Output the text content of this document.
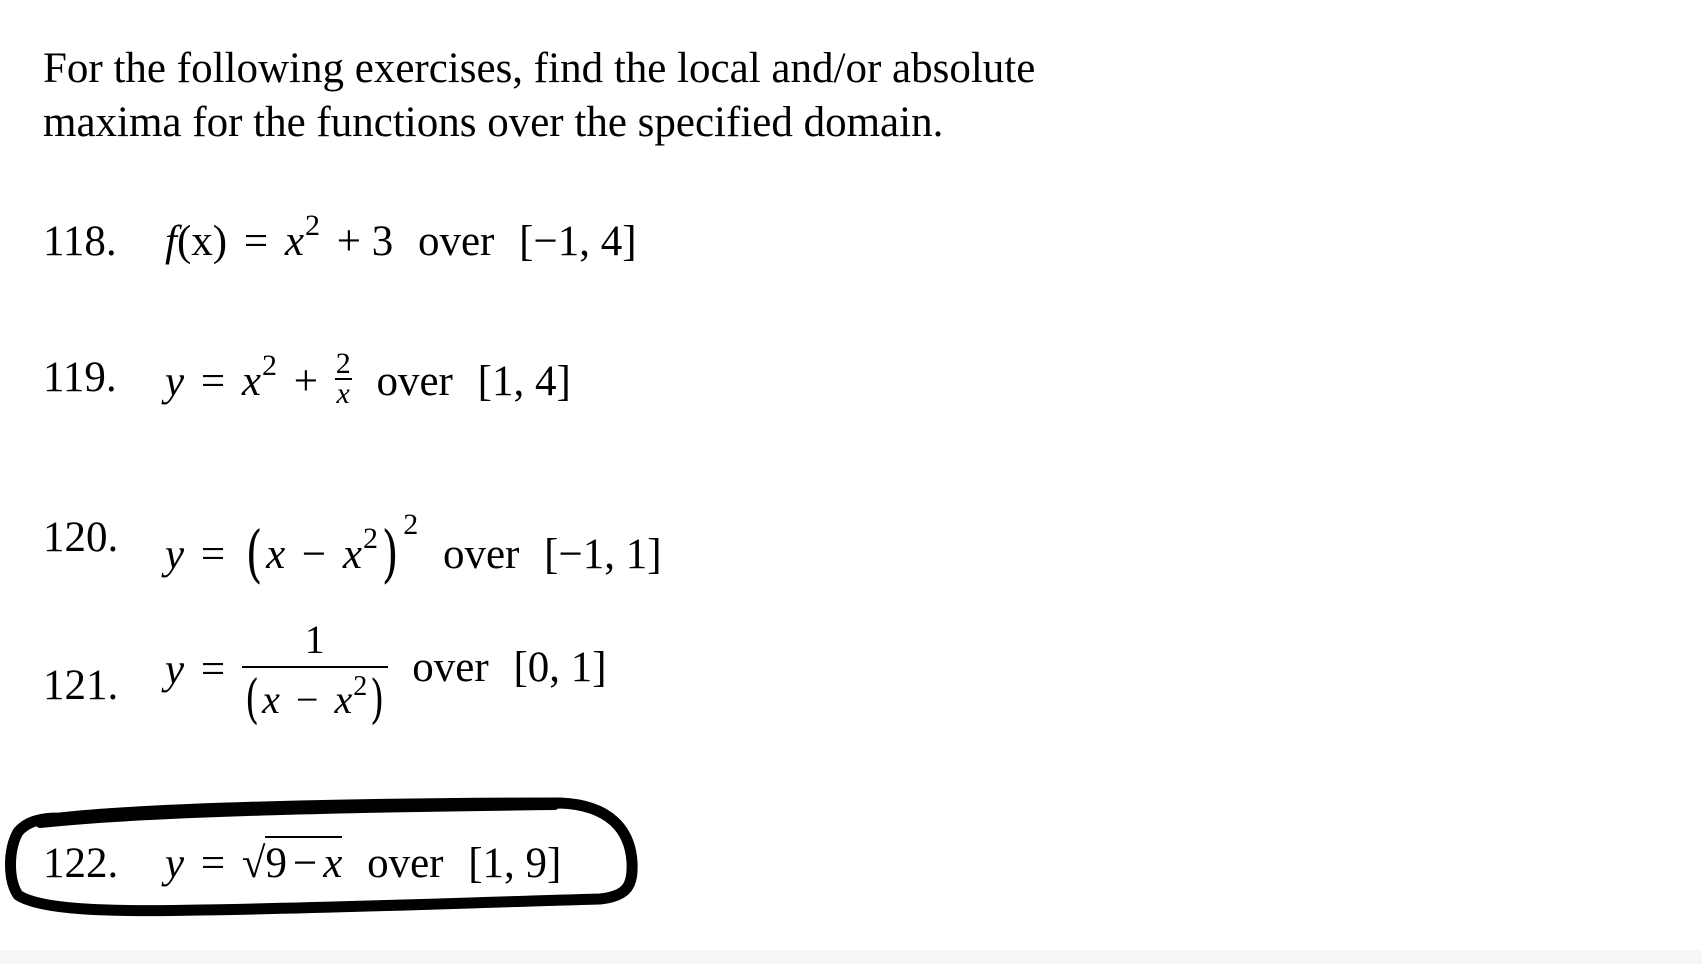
For the following exercises, find the local and/or absolute
maxima for the functions over the specified domain.
118. $f(x) = x^2 + 3$ over [−1, 4]
119. $y = x^2 + \frac{2}{x}$ over [1, 4]
120. $y = (x - x^2)$ $^2$ over [−1, 1]
121. $y = \frac{1}{(x - x^2)}$ over [0, 1]
122. y = √9 − x over [1, 9]
